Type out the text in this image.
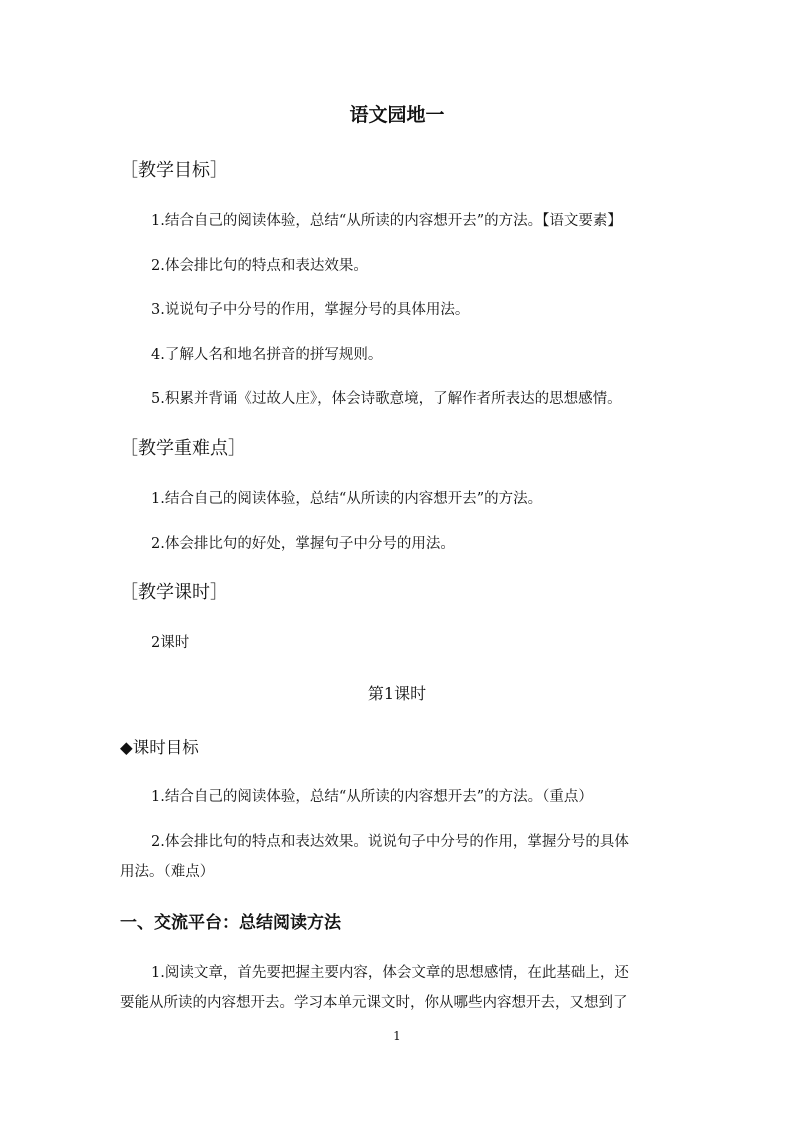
语文园地一
［教学目标］
1.结合自己的阅读体验，总结“从所读的内容想开去”的方法。【语文要素】
2.体会排比句的特点和表达效果。
3.说说句子中分号的作用，掌握分号的具体用法。
4.了解人名和地名拼音的拼写规则。
5.积累并背诵《过故人庄》，体会诗歌意境，了解作者所表达的思想感情。
［教学重难点］
1.结合自己的阅读体验，总结“从所读的内容想开去”的方法。
2.体会排比句的好处，掌握句子中分号的用法。
［教学课时］
2课时
第1课时
◆课时目标
1.结合自己的阅读体验，总结“从所读的内容想开去”的方法。（重点）
2.体会排比句的特点和表达效果。说说句子中分号的作用，掌握分号的具体
用法。（难点）
一、交流平台：总结阅读方法
1.阅读文章，首先要把握主要内容，体会文章的思想感情，在此基础上，还
要能从所读的内容想开去。学习本单元课文时，你从哪些内容想开去，又想到了
1
